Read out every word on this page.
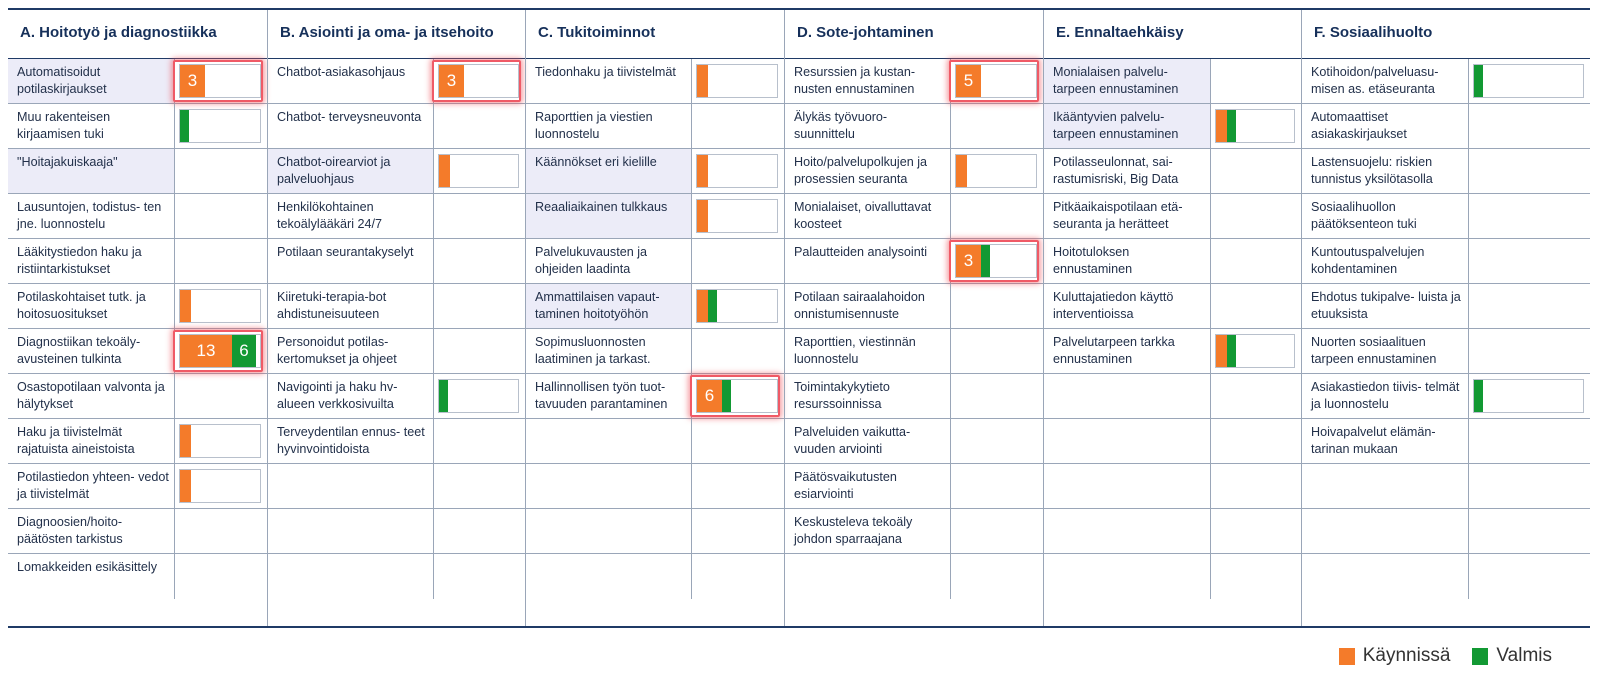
A. Hoitotyö ja diagnostiikka
Automatisoidut potilaskirjaukset	3
Muu rakenteisen kirjaamisen tuki
"Hoitajakuiskaaja"
Lausuntojen, todistus- ten jne. luonnostelu
Lääkitystiedon haku ja ristiintarkistukset
Potilaskohtaiset tutk. ja hoitosuositukset
Diagnostiikan tekoäly- avusteinen tulkinta	13	6
Osastopotilaan valvonta ja hälytykset
Haku ja tiivistelmät rajatuista aineistoista
Potilastiedon yhteen- vedot ja tiivistelmät
Diagnoosien/hoito- päätösten tarkistus
Lomakkeiden esikäsittely
B. Asiointi ja oma- ja itsehoito
Chatbot-asiakasohjaus	3
Chatbot- terveysneuvonta
Chatbot-oirearviot ja palveluohjaus
Henkilökohtainen tekoälylääkäri 24/7
Potilaan seurantakyselyt
Kiiretuki-terapia-bot ahdistuneisuuteen
Personoidut potilas- kertomukset ja ohjeet
Navigointi ja haku hv- alueen verkkosivuilta
Terveydentilan ennus- teet hyvinvointidoista
C. Tukitoiminnot
Tiedonhaku ja tiivistelmät
Raporttien ja viestien luonnostelu
Käännökset eri kielille
Reaaliaikainen tulkkaus
Palvelukuvausten ja ohjeiden laadinta
Ammattilaisen vapaut- taminen hoitotyöhön
Sopimusluonnosten laatiminen ja tarkast.
Hallinnollisen työn tuot- tavuuden parantaminen	6
D. Sote-johtaminen
Resurssien ja kustan- nusten ennustaminen	5
Älykäs työvuoro- suunnittelu
Hoito/palvelupolkujen ja prosessien seuranta
Monialaiset, oivalluttavat koosteet
Palautteiden analysointi	3
Potilaan sairaalahoidon onnistumisennuste
Raporttien, viestinnän luonnostelu
Toimintakykytieto resurssoinnissa
Palveluiden vaikutta- vuuden arviointi
Päätösvaikutusten esiarviointi
Keskusteleva tekoäly johdon sparraajana
E. Ennaltaehkäisy
Monialaisen palvelu- tarpeen ennustaminen
Ikääntyvien palvelu- tarpeen ennustaminen
Potilasseulonnat, sai- rastumisriski, Big Data
Pitkäaikaispotilaan etä- seuranta ja herätteet
Hoitotuloksen ennustaminen
Kuluttajatiedon käyttö interventioissa
Palvelutarpeen tarkka ennustaminen
F. Sosiaalihuolto
Kotihoidon/palveluasu- misen as. etäseuranta
Automaattiset asiakaskirjaukset
Lastensuojelu: riskien tunnistus yksilötasolla
Sosiaalihuollon päätöksenteon tuki
Kuntoutuspalvelujen kohdentaminen
Ehdotus tukipalve- luista ja etuuksista
Nuorten sosiaalituen tarpeen ennustaminen
Asiakastiedon tiivis- telmät ja luonnostelu
Hoivapalvelut elämän- tarinan mukaan
Käynnissä Valmis
